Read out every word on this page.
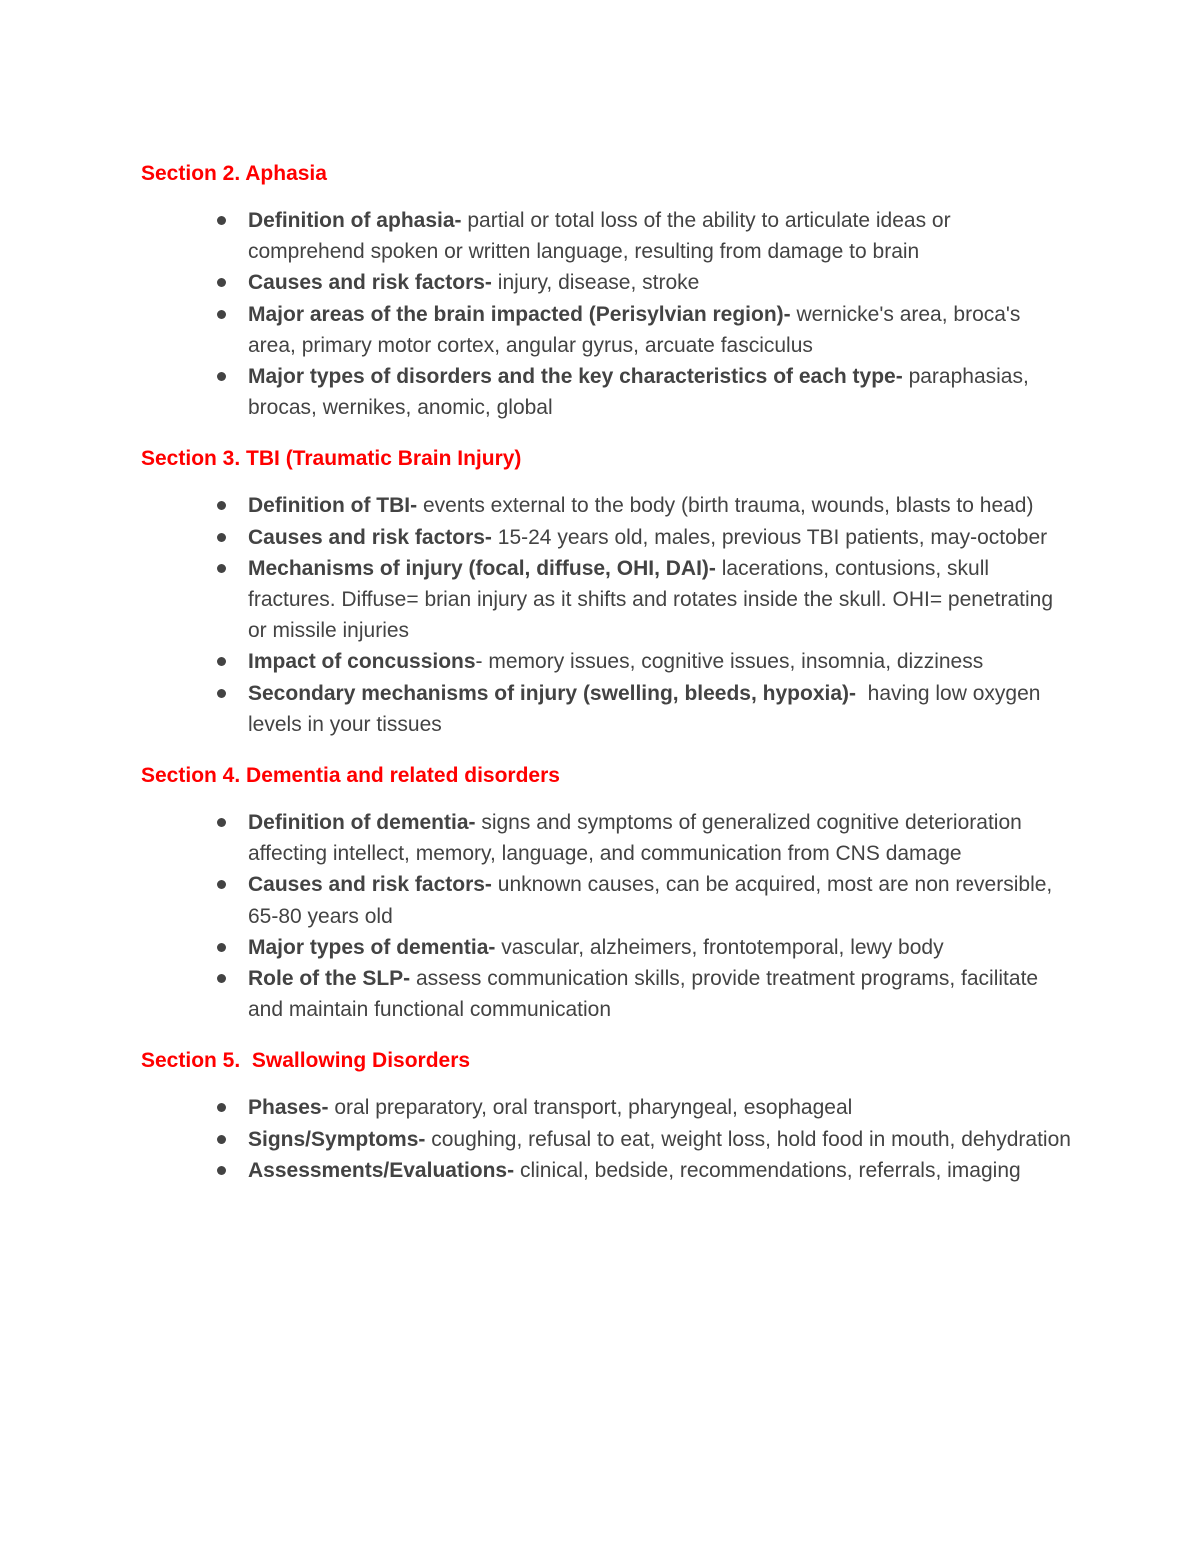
Section 2. Aphasia
Definition of aphasia- partial or total loss of the ability to articulate ideas or comprehend spoken or written language, resulting from damage to brain
Causes and risk factors- injury, disease, stroke
Major areas of the brain impacted (Perisylvian region)- wernicke's area, broca's area, primary motor cortex, angular gyrus, arcuate fasciculus
Major types of disorders and the key characteristics of each type- paraphasias, brocas, wernikes, anomic, global
Section 3. TBI (Traumatic Brain Injury)
Definition of TBI- events external to the body (birth trauma, wounds, blasts to head)
Causes and risk factors- 15-24 years old, males, previous TBI patients, may-october
Mechanisms of injury (focal, diffuse, OHI, DAI)- lacerations, contusions, skull fractures. Diffuse= brian injury as it shifts and rotates inside the skull. OHI= penetrating or missile injuries
Impact of concussions- memory issues, cognitive issues, insomnia, dizziness
Secondary mechanisms of injury (swelling, bleeds, hypoxia)-  having low oxygen levels in your tissues
Section 4. Dementia and related disorders
Definition of dementia- signs and symptoms of generalized cognitive deterioration affecting intellect, memory, language, and communication from CNS damage
Causes and risk factors- unknown causes, can be acquired, most are non reversible, 65-80 years old
Major types of dementia- vascular, alzheimers, frontotemporal, lewy body
Role of the SLP- assess communication skills, provide treatment programs, facilitate and maintain functional communication
Section 5.  Swallowing Disorders
Phases- oral preparatory, oral transport, pharyngeal, esophageal
Signs/Symptoms- coughing, refusal to eat, weight loss, hold food in mouth, dehydration
Assessments/Evaluations- clinical, bedside, recommendations, referrals, imaging
